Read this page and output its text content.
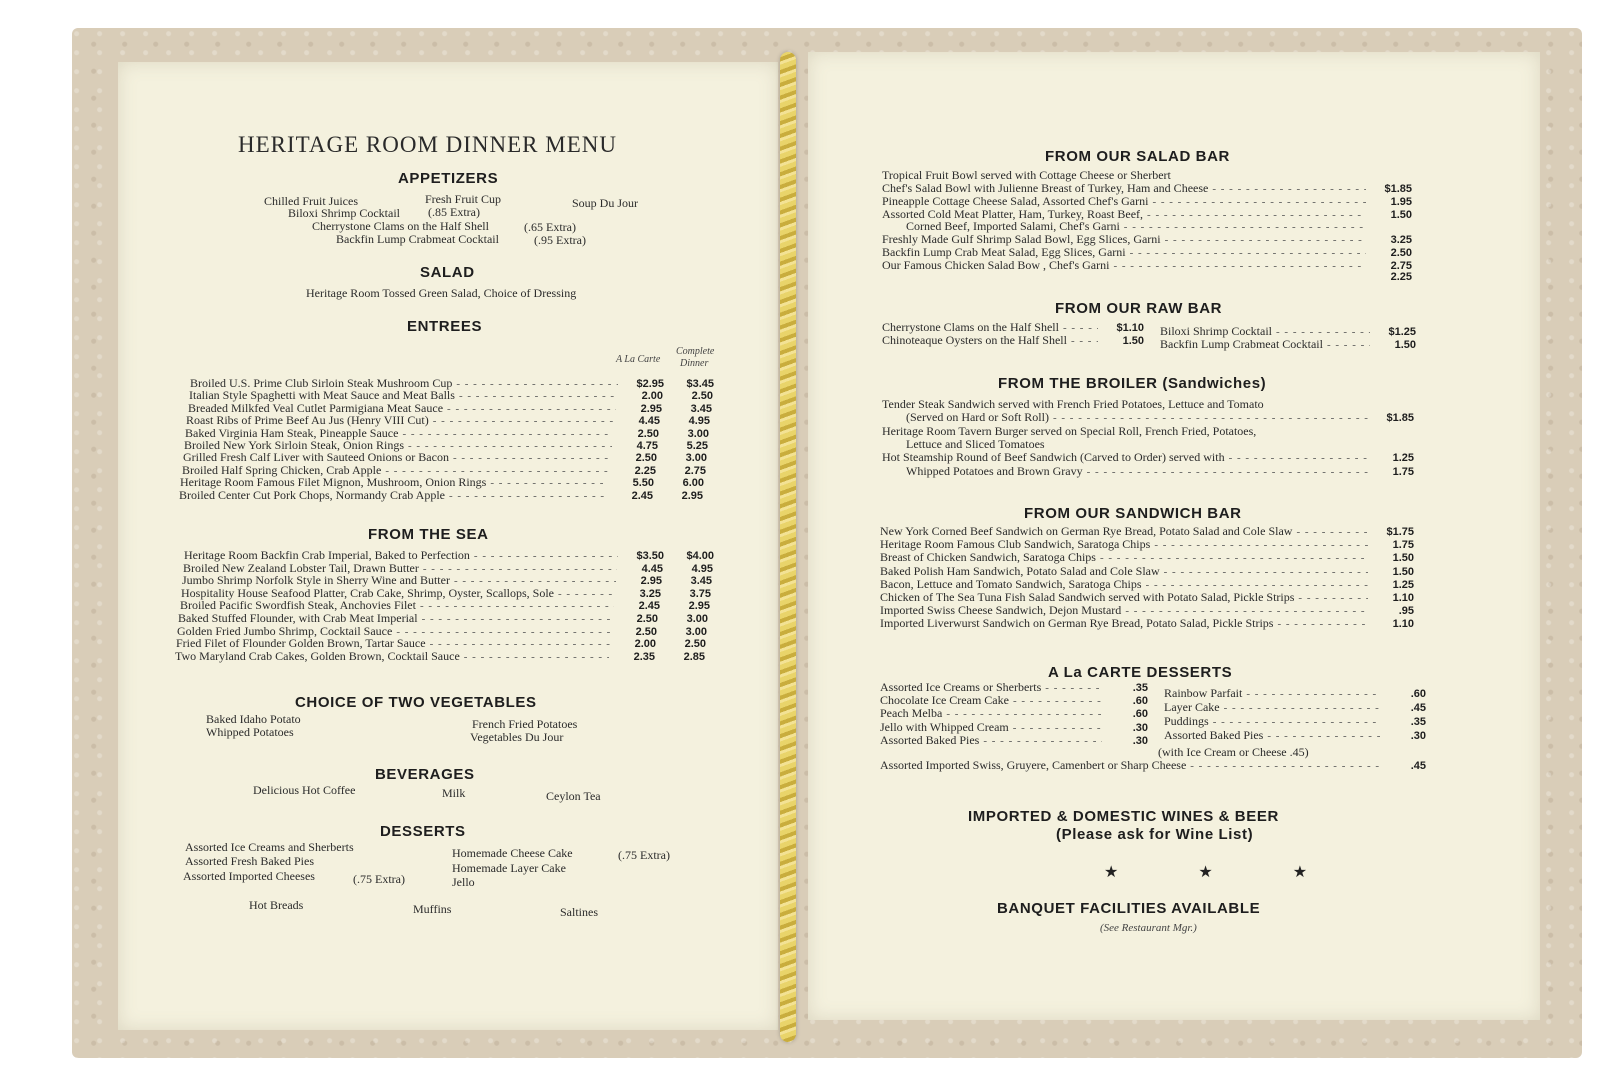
HERITAGE ROOM DINNER MENU
APPETIZERS
Chilled Fruit Juices	Fresh Fruit Cup	Soup Du Jour
Biloxi Shrimp Cocktail (.85 Extra)
Cherrystone Clams on the Half Shell	(.65 Extra)
Backfin Lump Crabmeat Cocktail	(.95 Extra)
SALAD
Heritage Room Tossed Green Salad, Choice of Dressing
ENTREES
A La Carte
Complete
Dinner
Broiled U.S. Prime Club Sirloin Steak Mushroom Cup - - -	$2.95	$3.45
Italian Style Spaghetti with Meat Sauce and Meat Balls - - -	2.00	2.50
Breaded Milkfed Veal Cutlet Parmigiana Meat Sauce - - -	2.95	3.45
Roast Ribs of Prime Beef Au Jus (Henry VIII Cut) - - -	4.45	4.95
Baked Virginia Ham Steak, Pineapple Sauce - - -	2.50	3.00
Broiled New York Sirloin Steak, Onion Rings - - -	4.75	5.25
Grilled Fresh Calf Liver with Sauteed Onions or Bacon - - -	2.50	3.00
Broiled Half Spring Chicken, Crab Apple - - -	2.25	2.75
Heritage Room Famous Filet Mignon, Mushroom, Onion Rings - - -	5.50	6.00
Broiled Center Cut Pork Chops, Normandy Crab Apple - - -	2.45	2.95
FROM THE SEA
Heritage Room Backfin Crab Imperial, Baked to Perfection - - -	$3.50	$4.00
Broiled New Zealand Lobster Tail, Drawn Butter - - -	4.45	4.95
Jumbo Shrimp Norfolk Style in Sherry Wine and Butter - - -	2.95	3.45
Hospitality House Seafood Platter, Crab Cake, Shrimp, Oyster, Scallops, Sole - - -	3.25	3.75
Broiled Pacific Swordfish Steak, Anchovies Filet - - -	2.45	2.95
Baked Stuffed Flounder, with Crab Meat Imperial - - -	2.50	3.00
Golden Fried Jumbo Shrimp, Cocktail Sauce - - -	2.50	3.00
Fried Filet of Flounder Golden Brown, Tartar Sauce - - -	2.00	2.50
Two Maryland Crab Cakes, Golden Brown, Cocktail Sauce - - -	2.35	2.85
CHOICE OF TWO VEGETABLES
Baked Idaho Potato
Whipped Potatoes
French Fried Potatoes
Vegetables Du Jour
BEVERAGES
Delicious Hot Coffee	Milk	Ceylon Tea
DESSERTS
Assorted Ice Creams and Sherberts
Assorted Fresh Baked Pies
Assorted Imported Cheeses	(.75 Extra)
Homemade Cheese Cake	(.75 Extra)
Homemade Layer Cake
Jello
Hot Breads	Muffins	Saltines
FROM OUR SALAD BAR
Tropical Fruit Bowl served with Cottage Cheese or Sherbert
Chef's Salad Bowl with Julienne Breast of Turkey, Ham and Cheese - - -	$1.85
Pineapple Cottage Cheese Salad, Assorted Chef's Garni - - -	1.95
Assorted Cold Meat Platter, Ham, Turkey, Roast Beef, - - -	1.50
Corned Beef, Imported Salami, Chef's Garni
- - -
Freshly Made Gulf Shrimp Salad Bowl, Egg Slices, Garni - - -	3.25
Backfin Lump Crab Meat Salad, Egg Slices, Garni - - -	2.50
Our Famous Chicken Salad Bow , Chef's Garni - - -	2.75
2.25
FROM OUR RAW BAR
Cherrystone Clams on the Half Shell - - -	$1.10
Chinoteaque Oysters on the Half Shell - - -	1.50
Biloxi Shrimp Cocktail - - -	$1.25
Backfin Lump Crabmeat Cocktail - - -	1.50
FROM THE BROILER (Sandwiches)
Tender Steak Sandwich served with French Fried Potatoes, Lettuce and Tomato
(Served on Hard or Soft Roll) - - -	$1.85
Heritage Room Tavern Burger served on Special Roll, French Fried, Potatoes,
Lettuce and Sliced Tomatoes
Hot Steamship Round of Beef Sandwich (Carved to Order) served with - - -	1.25
Whipped Potatoes and Brown Gravy - - -	1.75
FROM OUR SANDWICH BAR
New York Corned Beef Sandwich on German Rye Bread, Potato Salad and Cole Slaw - - -	$1.75
Heritage Room Famous Club Sandwich, Saratoga Chips - - -	1.75
Breast of Chicken Sandwich, Saratoga Chips - - -	1.50
Baked Polish Ham Sandwich, Potato Salad and Cole Slaw - - -	1.50
Bacon, Lettuce and Tomato Sandwich, Saratoga Chips - - -	1.25
Chicken of The Sea Tuna Fish Salad Sandwich served with Potato Salad, Pickle Strips - - -	1.10
Imported Swiss Cheese Sandwich, Dejon Mustard - - -	.95
Imported Liverwurst Sandwich on German Rye Bread, Potato Salad, Pickle Strips - - -	1.10
A La CARTE DESSERTS
Assorted Ice Creams or Sherberts - - -	.35
Chocolate Ice Cream Cake - - -	.60
Peach Melba - - -	.60
Jello with Whipped Cream - - -	.30
Assorted Baked Pies - - -	.30
Rainbow Parfait - - -	.60
Layer Cake - - -	.45
Puddings - - -	.35
Assorted Baked Pies - - -	.30
(with Ice Cream or Cheese .45)
Assorted Imported Swiss, Gruyere, Camenbert or Sharp Cheese - - -	.45
IMPORTED & DOMESTIC WINES & BEER
(Please ask for Wine List)
★ ★ ★
BANQUET FACILITIES AVAILABLE
(See Restaurant Mgr.)
